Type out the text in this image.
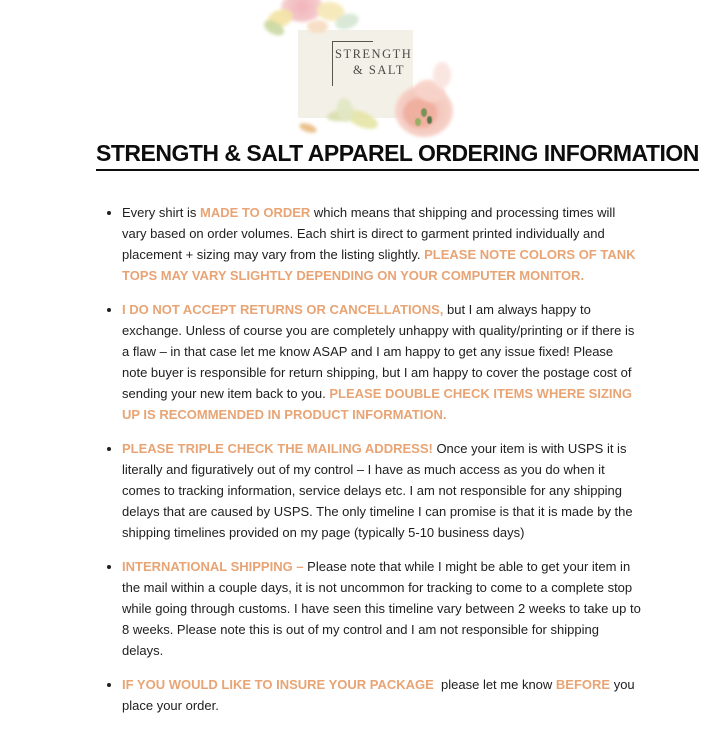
STRENGTH
& SALT
STRENGTH & SALT APPAREL ORDERING INFORMATION
• Every shirt is MADE TO ORDER which means that shipping and processing times will vary based on order volumes. Each shirt is direct to garment printed individually and placement + sizing may vary from the listing slightly. PLEASE NOTE COLORS OF TANK TOPS MAY VARY SLIGHTLY DEPENDING ON YOUR COMPUTER MONITOR.
• I DO NOT ACCEPT RETURNS OR CANCELLATIONS, but I am always happy to exchange. Unless of course you are completely unhappy with quality/printing or if there is a flaw – in that case let me know ASAP and I am happy to get any issue fixed! Please note buyer is responsible for return shipping, but I am happy to cover the postage cost of sending your new item back to you. PLEASE DOUBLE CHECK ITEMS WHERE SIZING UP IS RECOMMENDED IN PRODUCT INFORMATION.
• PLEASE TRIPLE CHECK THE MAILING ADDRESS! Once your item is with USPS it is literally and figuratively out of my control – I have as much access as you do when it comes to tracking information, service delays etc. I am not responsible for any shipping delays that are caused by USPS. The only timeline I can promise is that it is made by the shipping timelines provided on my page (typically 5-10 business days)
• INTERNATIONAL SHIPPING – Please note that while I might be able to get your item in the mail within a couple days, it is not uncommon for tracking to come to a complete stop while going through customs. I have seen this timeline vary between 2 weeks to take up to 8 weeks. Please note this is out of my control and I am not responsible for shipping delays.
• IF YOU WOULD LIKE TO INSURE YOUR PACKAGE  please let me know BEFORE you place your order.
